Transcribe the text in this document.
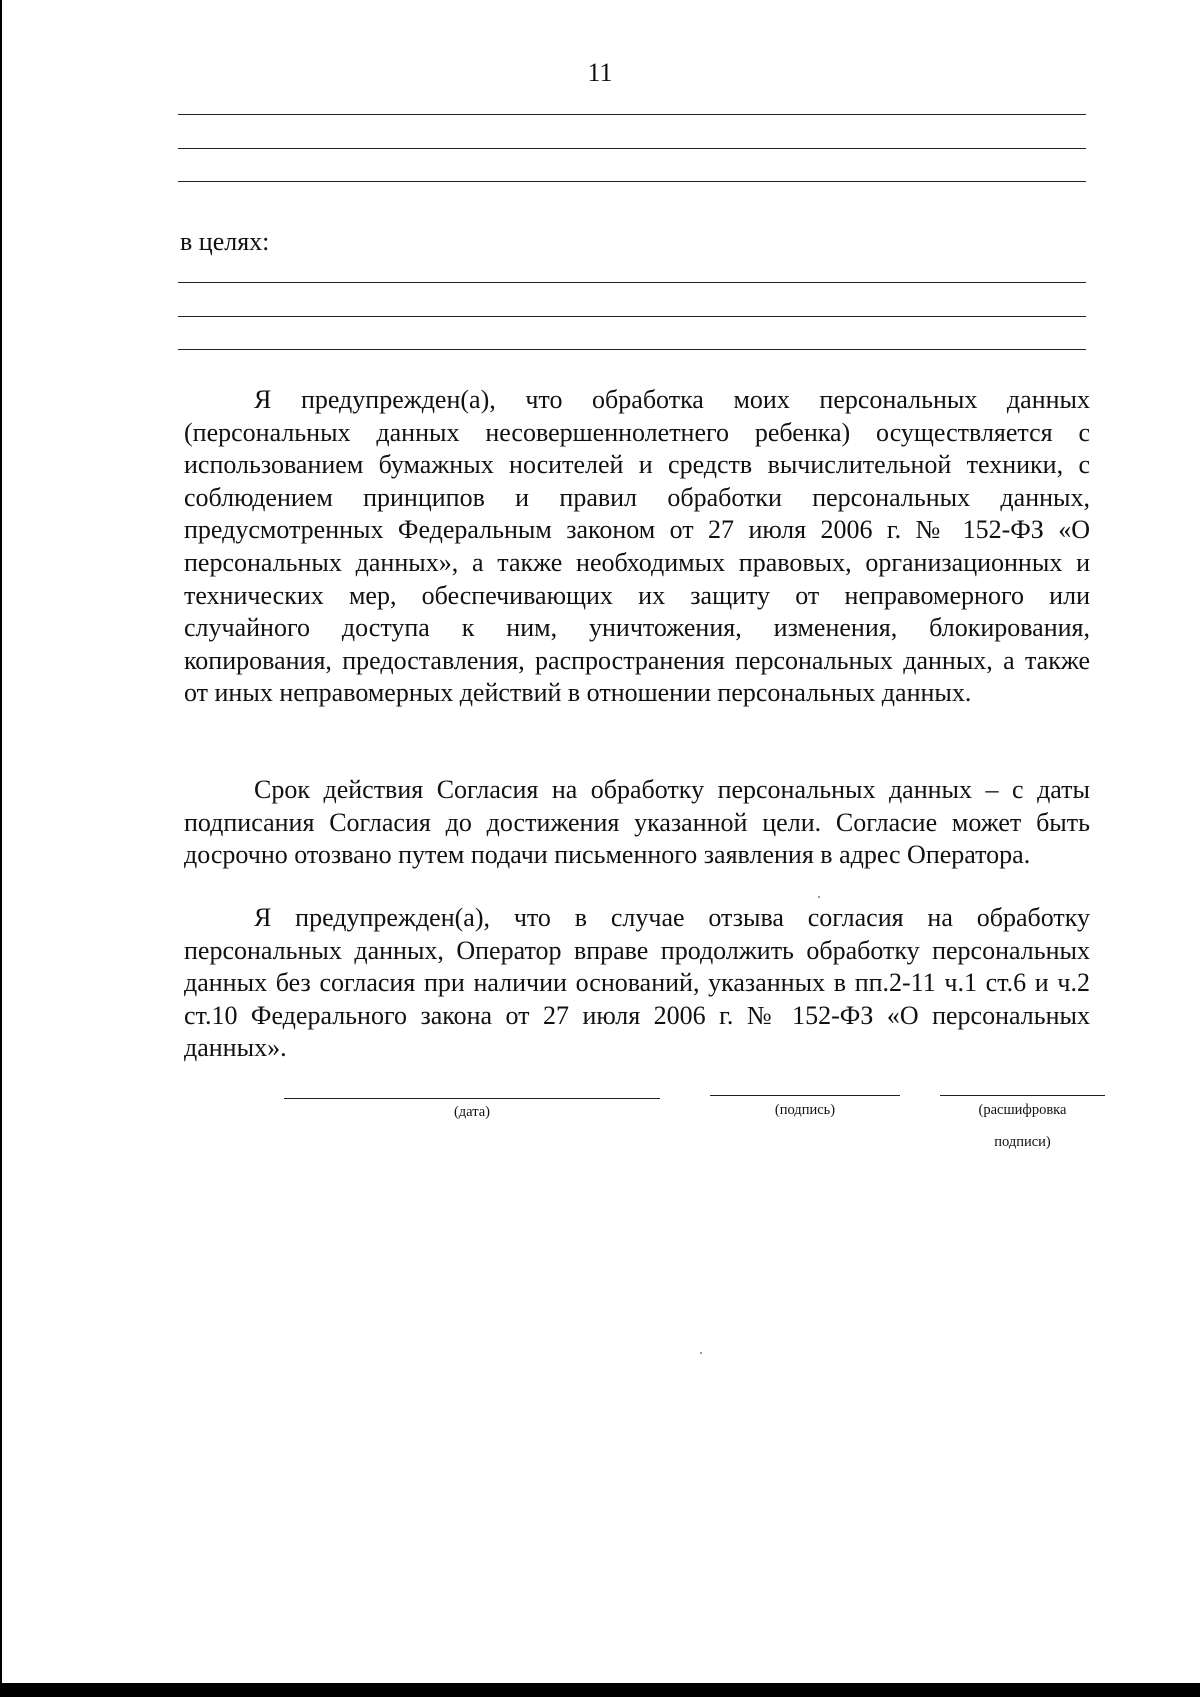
11
в целях:

Я предупрежден(а), что обработка моих персональных данных (персональных данных несовершеннолетнего ребенка) осуществляется с использованием бумажных носителей и средств вычислительной техники, с соблюдением принципов и правил обработки персональных данных, предусмотренных Федеральным законом от 27 июля 2006 г. № 152-ФЗ «О персональных данных», а также необходимых правовых, организационных и технических мер, обеспечивающих их защиту от неправомерного или случайного доступа к ним, уничтожения, изменения, блокирования, копирования, предоставления, распространения персональных данных, а также от иных неправомерных действий в отношении персональных данных.

Срок действия Согласия на обработку персональных данных – с даты подписания Согласия до достижения указанной цели. Согласие может быть досрочно отозвано путем подачи письменного заявления в адрес Оператора.

Я предупрежден(а), что в случае отзыва согласия на обработку персональных данных, Оператор вправе продолжить обработку персональных данных без согласия при наличии оснований, указанных в пп.2-11 ч.1 ст.6 и ч.2 ст.10 Федерального закона от 27 июля 2006 г. № 152-ФЗ «О персональных данных».

(дата)	(подпись)	(расшифровка
подписи)
